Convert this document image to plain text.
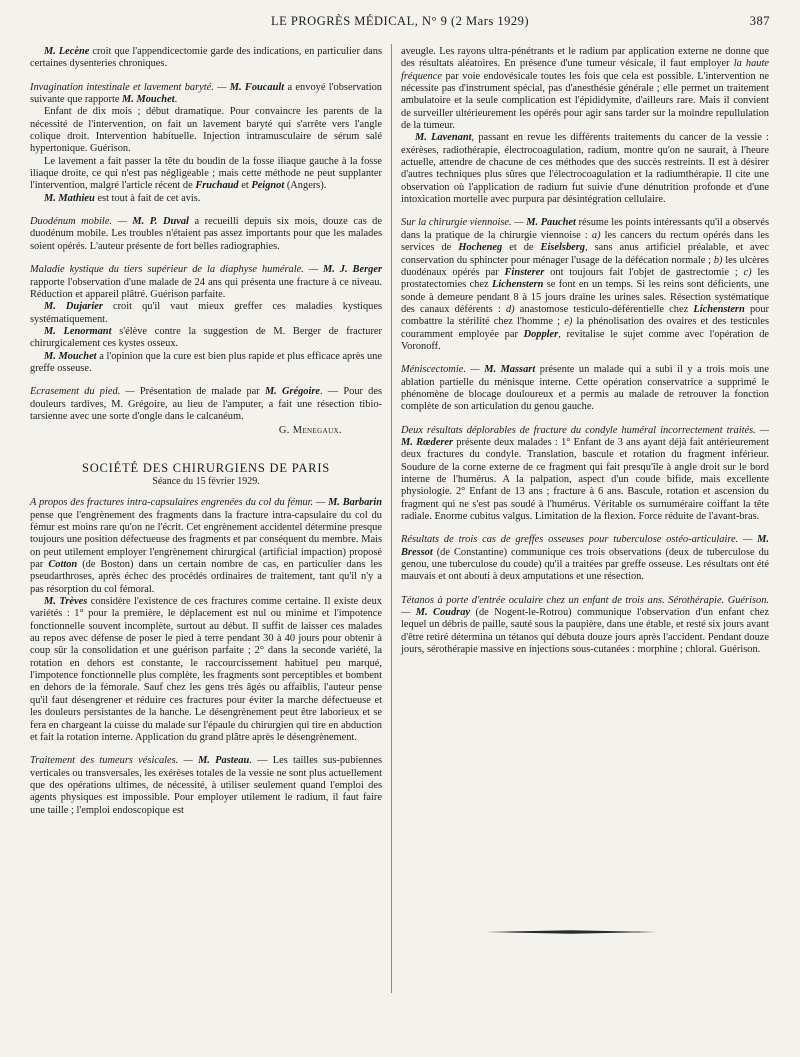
LE PROGRÈS MÉDICAL, N° 9 (2 Mars 1929)	387

M. Lecène croit que l'appendicectomie garde des indications, en particulier dans certaines dysenteries chroniques.

Invagination intestinale et lavement baryté. — M. Foucault a envoyé l'observation suivante que rapporte M. Mouchet.

Enfant de dix mois ; début dramatique. Pour convaincre les parents de la nécessité de l'intervention, on fait un lavement baryté qui s'arrête vers l'angle colique droit. Intervention habituelle. Injection intramusculaire de sérum salé hypertonique. Guérison.

Le lavement a fait passer la tête du boudin de la fosse iliaque gauche à la fosse iliaque droite, ce qui n'est pas négligeable ; mais cette méthode ne peut supplanter l'intervention, malgré l'article récent de Fruchaud et Peignot (Angers).

M. Mathieu est tout à fait de cet avis.

Duodénum mobile. — M. P. Duval a recueilli depuis six mois, douze cas de duodénum mobile. Les troubles n'étaient pas assez importants pour que les malades soient opérés. L'auteur présente de fort belles radiographies.

Maladie kystique du tiers supérieur de la diaphyse humérale. — M. J. Berger rapporte l'observation d'une malade de 24 ans qui présenta une fracture à ce niveau. Réduction et appareil plâtré. Guérison parfaite.

M. Dujarier croit qu'il vaut mieux greffer ces maladies kystiques systématiquement.

M. Lenormant s'élève contre la suggestion de M. Berger de fracturer chirurgicalement ces kystes osseux.

M. Mouchet a l'opinion que la cure est bien plus rapide et plus efficace après une greffe osseuse.

Ecrasement du pied. — Présentation de malade par M. Grégoire. — Pour des douleurs tardives, M. Grégoire, au lieu de l'amputer, a fait une résection tibio-tarsienne avec une sorte d'ongle dans le calcanéum.

G. Menegaux.

SOCIÉTÉ DES CHIRURGIENS DE PARIS

Séance du 15 février 1929.

A propos des fractures intra-capsulaires engrenées du col du fémur. — M. Barbarin pense que l'engrènement des fragments dans la fracture intra-capsulaire du col du fémur est moins rare qu'on ne l'écrit. Cet engrènement accidentel détermine presque toujours une position défectueuse des fragments et par conséquent du membre. Mais on peut utilement employer l'engrènement chirurgical (artificial impaction) proposé par Cotton (de Boston) dans un certain nombre de cas, en particulier dans les pseudarthroses, après échec des procédés ordinaires de traitement, tant qu'il n'y a pas résorption du col fémoral.

M. Trèves considère l'existence de ces fractures comme certaine. Il existe deux variétés : 1° pour la première, le déplacement est nul ou minime et l'impotence fonctionnelle souvent incomplète, surtout au début. Il suffit de laisser ces malades au repos avec défense de poser le pied à terre pendant 30 à 40 jours pour obtenir à coup sûr la consolidation et une guérison parfaite ; 2° dans la seconde variété, la rotation en dehors est constante, le raccourcissement habituel peu marqué, l'impotence fonctionnelle plus complète, les fragments sont perceptibles et bombent en dehors de la fémorale. Sauf chez les gens très âgés ou affaiblis, l'auteur pense qu'il faut désengrener et réduire ces fractures pour éviter la marche défectueuse et les douleurs persistantes de la hanche. Le désengrènement peut être laborieux et se fera en chargeant la cuisse du malade sur l'épaule du chirurgien qui tire en abduction et fait la rotation interne. Application du grand plâtre après le désengrènement.

Traitement des tumeurs vésicales. — M. Pasteau. — Les tailles sus-pubiennes verticales ou transversales, les exérèses totales de la vessie ne sont plus actuellement que des opérations ultimes, de nécessité, à utiliser seulement quand l'emploi des agents physiques est impossible. Pour employer utilement le radium, il faut faire une taille ; l'emploi endoscopique est

aveugle. Les rayons ultra-pénétrants et le radium par application externe ne donne que des résultats aléatoires. En présence d'une tumeur vésicale, il faut employer la haute fréquence par voie endovésicale toutes les fois que cela est possible. L'intervention ne nécessite pas d'instrument spécial, pas d'anesthésie générale ; elle permet un traitement ambulatoire et la seule complication est l'épididymite, d'ailleurs rare. Mais il convient de surveiller ultérieurement les opérés pour agir sans tarder sur la moindre repullulation de la tumeur.

M. Lavenant, passant en revue les différents traitements du cancer de la vessie : exérèses, radiothérapie, électrocoagulation, radium, montre qu'on ne saurait, à l'heure actuelle, attendre de chacune de ces méthodes que des succès restreints. Il est à désirer d'autres techniques plus sûres que l'électrocoagulation et la radiumthérapie. Il cite une observation où l'application de radium fut suivie d'une dénutrition profonde et d'une intoxication mortelle avec purpura par désintégration cellulaire.

Sur la chirurgie viennoise. — M. Pauchet résume les points intéressants qu'il a observés dans la pratique de la chirurgie viennoise : a) les cancers du rectum opérés dans les services de Hocheneg et de Eiselsberg, sans anus artificiel préalable, et avec conservation du sphincter pour ménager l'usage de la défécation normale ; b) les ulcères duodénaux opérés par Finsterer ont toujours fait l'objet de gastrectomie ; c) les prostatectomies chez Lichenstern se font en un temps. Si les reins sont déficients, une sonde à demeure pendant 8 à 15 jours draine les urines sales. Résection systématique des canaux déférents : d) anastomose testiculo-déférentielle chez Lichenstern pour combattre la stérilité chez l'homme ; e) la phénolisation des ovaires et des testicules couramment employée par Doppler, revitalise le sujet comme avec l'opération de Voronoff.

Méniscectomie. — M. Massart présente un malade qui a subi il y a trois mois une ablation partielle du ménisque interne. Cette opération conservatrice a supprimé le phénomène de blocage douloureux et a permis au malade de retrouver la fonction complète de son articulation du genou gauche.

Deux résultats déplorables de fracture du condyle huméral incorrectement traités. — M. Rœderer présente deux malades : 1° Enfant de 3 ans ayant déjà fait antérieurement deux fractures du condyle. Translation, bascule et rotation du fragment inférieur. Soudure de la corne externe de ce fragment qui fait presqu'île à angle droit sur le bord interne de l'humérus. A la palpation, aspect d'un coude bifide, mais excellente physiologie. 2° Enfant de 13 ans ; fracture à 6 ans. Bascule, rotation et ascension du fragment qui ne s'est pas soudé à l'humérus. Véritable os surnuméraire coiffant la tête radiale. Enorme cubitus valgus. Limitation de la flexion. Force réduite de l'avant-bras.

Résultats de trois cas de greffes osseuses pour tuberculose ostéo-articulaire. — M. Bressot (de Constantine) communique ces trois observations (deux de tuberculose du genou, une tuberculose du coude) qu'il a traitées par greffe osseuse. Les résultats ont été mauvais et ont abouti à deux amputations et une résection.

Tétanos à porte d'entrée oculaire chez un enfant de trois ans. Sérothérapie. Guérison. — M. Coudray (de Nogent-le-Rotrou) communique l'observation d'un enfant chez lequel un débris de paille, sauté sous la paupière, dans une étable, et resté six jours avant d'être retiré détermina un tétanos qui débuta douze jours après l'accident. Pendant douze jours, sérothérapie massive en injections sous-cutanées : morphine ; chloral. Guérison.
